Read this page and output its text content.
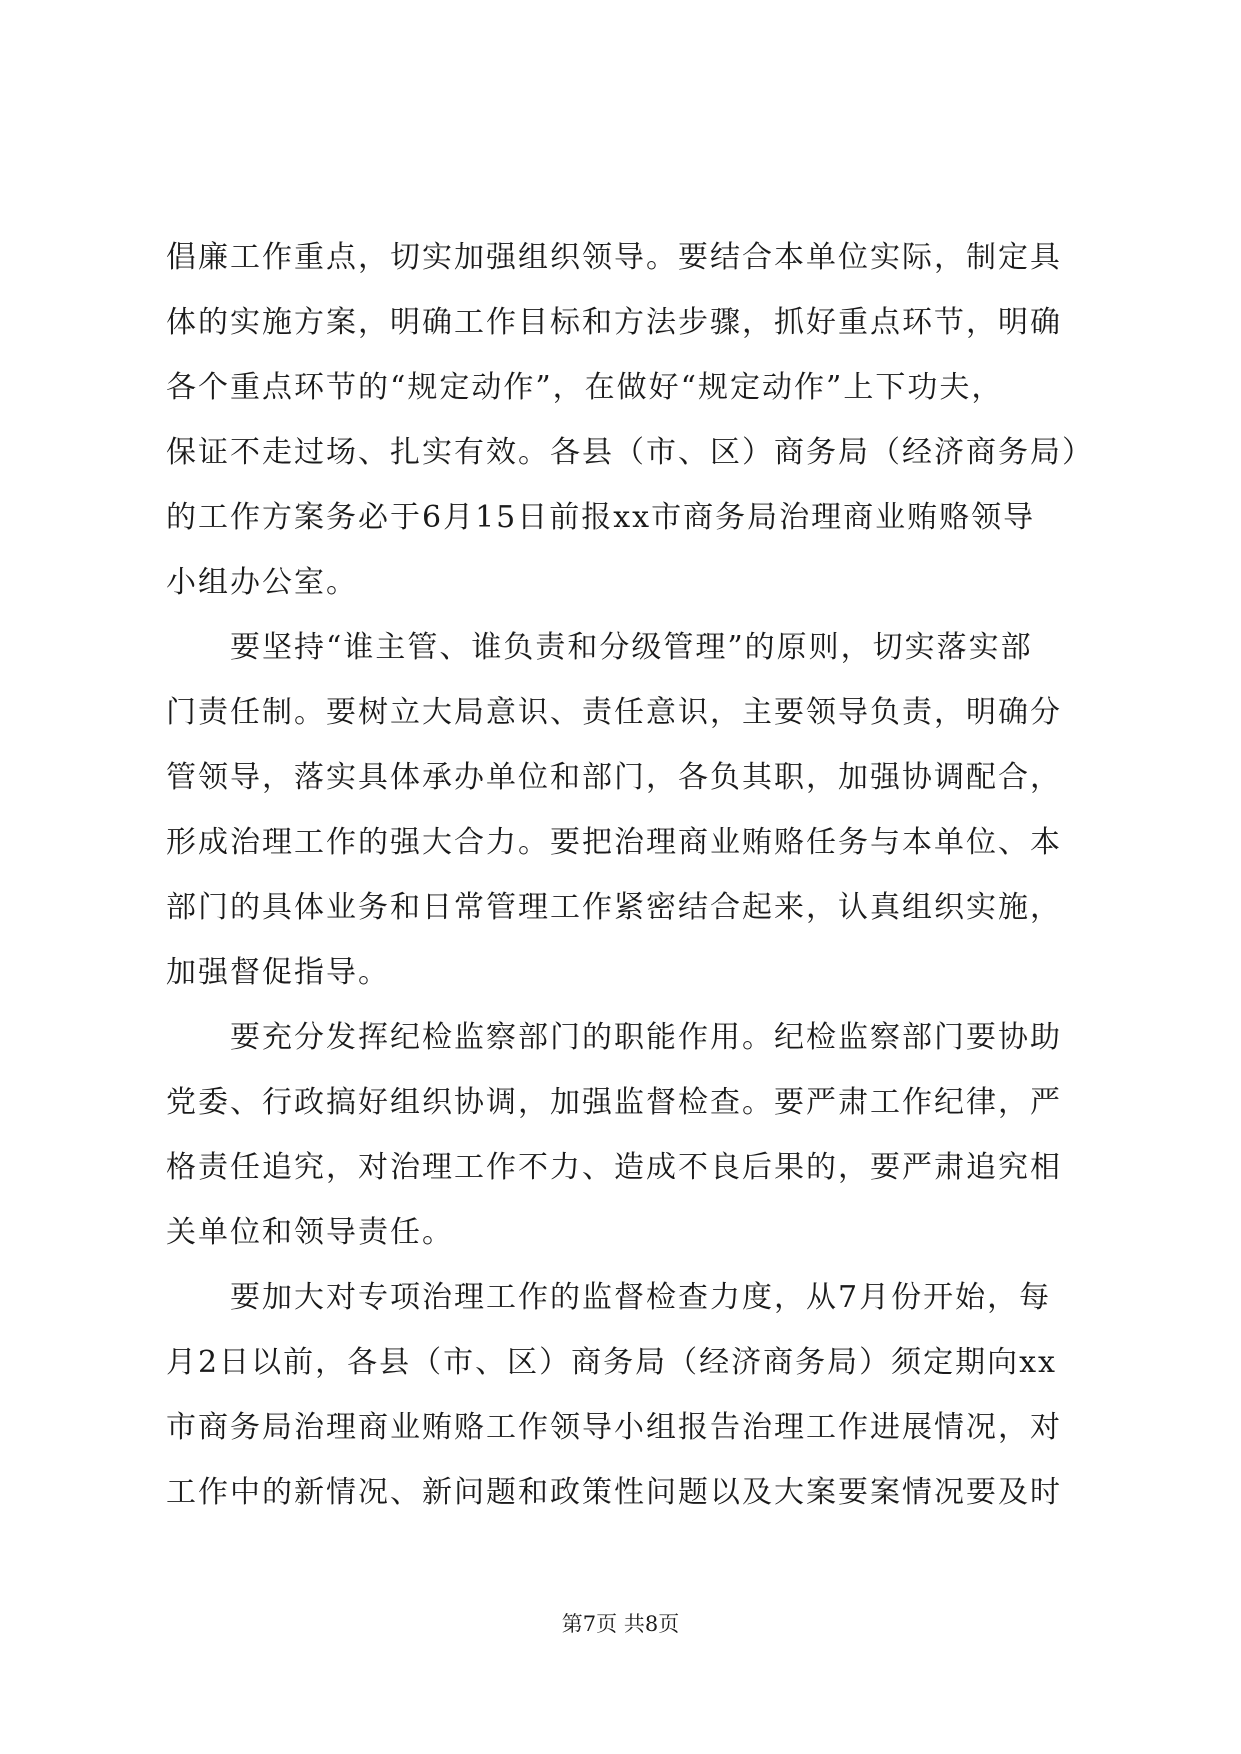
倡廉工作重点，切实加强组织领导。要结合本单位实际，制定具
体的实施方案，明确工作目标和方法步骤，抓好重点环节，明确
各个重点环节的“规定动作”，在做好“规定动作”上下功夫，
保证不走过场、扎实有效。各县（市、区）商务局（经济商务局）
的工作方案务必于6月15日前报xx市商务局治理商业贿赂领导
小组办公室。
要坚持“谁主管、谁负责和分级管理”的原则，切实落实部
门责任制。要树立大局意识、责任意识，主要领导负责，明确分
管领导，落实具体承办单位和部门，各负其职，加强协调配合，
形成治理工作的强大合力。要把治理商业贿赂任务与本单位、本
部门的具体业务和日常管理工作紧密结合起来，认真组织实施，
加强督促指导。
要充分发挥纪检监察部门的职能作用。纪检监察部门要协助
党委、行政搞好组织协调，加强监督检查。要严肃工作纪律，严
格责任追究，对治理工作不力、造成不良后果的，要严肃追究相
关单位和领导责任。
要加大对专项治理工作的监督检查力度，从7月份开始，每
月2日以前，各县（市、区）商务局（经济商务局）须定期向xx
市商务局治理商业贿赂工作领导小组报告治理工作进展情况，对
工作中的新情况、新问题和政策性问题以及大案要案情况要及时
第7页 共8页
